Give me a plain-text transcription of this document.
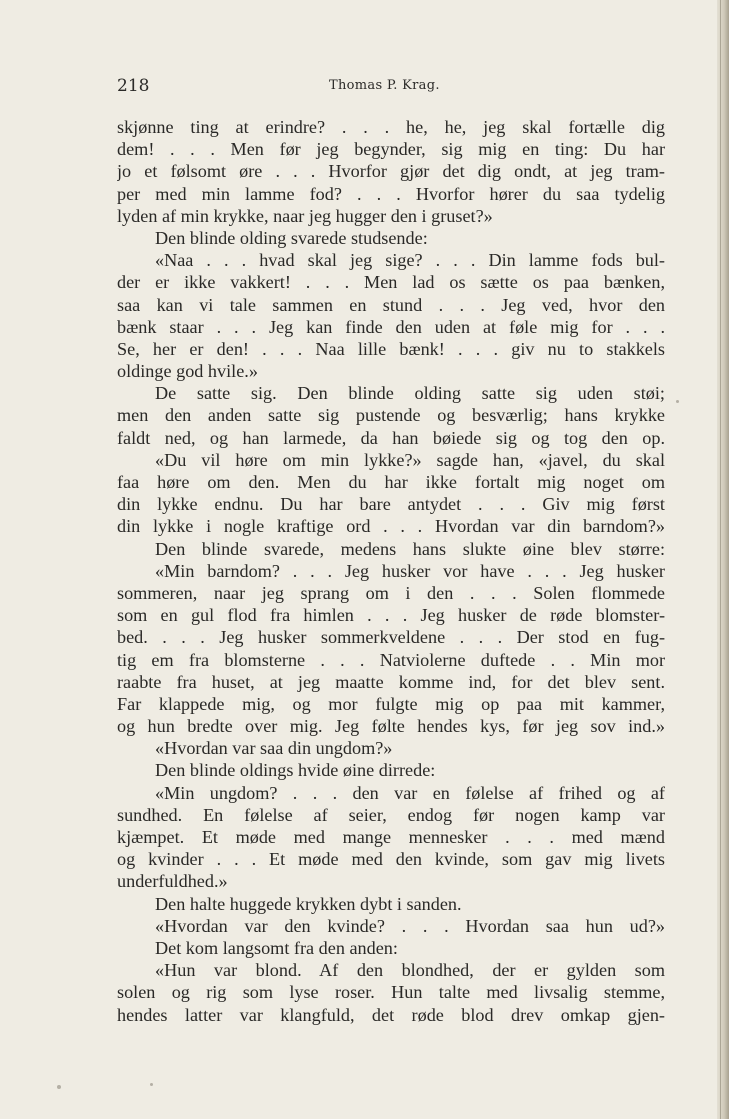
218	Thomas P. Krag.
skjønne ting at erindre? . . . he, he, jeg skal fortælle dig
dem! . . . Men før jeg begynder, sig mig en ting: Du har
jo et følsomt øre . . . Hvorfor gjør det dig ondt, at jeg tram-
per med min lamme fod? . . . Hvorfor hører du saa tydelig
lyden af min krykke, naar jeg hugger den i gruset?»
Den blinde olding svarede studsende:
«Naa . . . hvad skal jeg sige? . . . Din lamme fods bul-
der er ikke vakkert! . . . Men lad os sætte os paa bænken,
saa kan vi tale sammen en stund . . . Jeg ved, hvor den
bænk staar . . . Jeg kan finde den uden at føle mig for . . .
Se, her er den! . . . Naa lille bænk! . . . giv nu to stakkels
oldinge god hvile.»
De satte sig. Den blinde olding satte sig uden støi;
men den anden satte sig pustende og besværlig; hans krykke
faldt ned, og han larmede, da han bøiede sig og tog den op.
«Du vil høre om min lykke?» sagde han, «javel, du skal
faa høre om den. Men du har ikke fortalt mig noget om
din lykke endnu. Du har bare antydet . . . Giv mig først
din lykke i nogle kraftige ord . . . Hvordan var din barndom?»
Den blinde svarede, medens hans slukte øine blev større:
«Min barndom? . . . Jeg husker vor have . . . Jeg husker
sommeren, naar jeg sprang om i den . . . Solen flommede
som en gul flod fra himlen . . . Jeg husker de røde blomster-
bed. . . . Jeg husker sommerkveldene . . . Der stod en fug-
tig em fra blomsterne . . . Natviolerne duftede . . Min mor
raabte fra huset, at jeg maatte komme ind, for det blev sent.
Far klappede mig, og mor fulgte mig op paa mit kammer,
og hun bredte over mig. Jeg følte hendes kys, før jeg sov ind.»
«Hvordan var saa din ungdom?»
Den blinde oldings hvide øine dirrede:
«Min ungdom? . . . den var en følelse af frihed og af
sundhed. En følelse af seier, endog før nogen kamp var
kjæmpet. Et møde med mange mennesker . . . med mænd
og kvinder . . . Et møde med den kvinde, som gav mig livets
underfuldhed.»
Den halte huggede krykken dybt i sanden.
«Hvordan var den kvinde? . . . Hvordan saa hun ud?»
Det kom langsomt fra den anden:
«Hun var blond. Af den blondhed, der er gylden som
solen og rig som lyse roser. Hun talte med livsalig stemme,
hendes latter var klangfuld, det røde blod drev omkap gjen-
